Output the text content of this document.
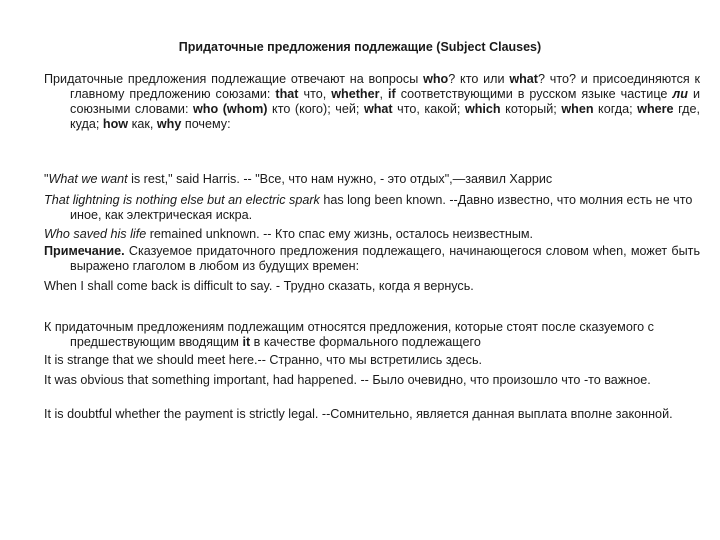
Придаточные предложения подлежащие (Subject Clauses)
Придаточные предложения подлежащие отвечают на вопросы who? кто или what? что? и присоединяются к главному предложению союзами: that что, whether, if соответствующими в русском языке частице ли и союзными словами: who (whom) кто (кого); чей; what что, какой; which который; when когда; where где, куда; how как, why почему:
"What we want is rest," said Harris. -- "Все, что нам нужно, - это отдых",—заявил Харрис
That lightning is nothing else but an electric spark has long been known. --Давно известно, что молния есть не что иное, как электрическая искра.
Who saved his life remained unknown. -- Кто спас ему жизнь, осталось неизвестным.
Примечание. Сказуемое придаточного предложения подлежащего, начинающегося словом when, может быть выражено глаголом в любом из будущих времен:
When I shall come back is difficult to say. - Трудно сказать, когда я вернусь.
К придаточным предложениям подлежащим относятся предложения, которые стоят после сказуемого с предшествующим вводящим it в качестве формального подлежащего
It is strange that we should meet here.-- Странно, что мы встретились здесь.
It was obvious that something important, had happened. -- Было очевидно, что произошло что -то важное.
It is doubtful whether the payment is strictly legal. --Сомнительно, является данная выплата вполне законной.
